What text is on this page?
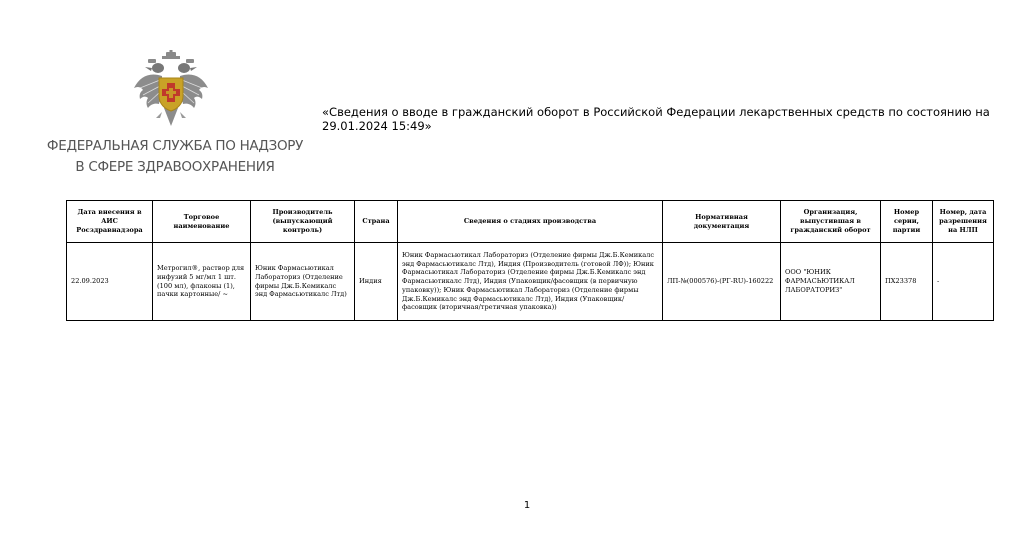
ФЕДЕРАЛЬНАЯ СЛУЖБА ПО НАДЗОРУ
В СФЕРЕ ЗДРАВООХРАНЕНИЯ
«Сведения о вводе в гражданский оборот в Российской Федерации лекарственных средств по состоянию на 29.01.2024 15:49»
Дата внесения в АИС Росздравнадзора	Торговое наименование	Производитель (выпускающий контроль)	Страна	Сведения о стадиях производства	Нормативная документация	Организация, выпустившая в гражданский оборот	Номер серии, партии	Номер, дата разрешения на НЛП
22.09.2023	Метрогил®, раствор для инфузий 5 мг/мл 1 шт. (100 мл), флаконы (1), пачки картонные/ ~	Юник Фармасьютикал Лабораториз (Отделение фирмы Дж.Б.Кемикалс энд Фармасьютикалс Лтд)	Индия	Юник Фармасьютикал Лабораториз (Отделение фирмы Дж.Б.Кемикалс энд Фармасьютикалс Лтд), Индия (Производитель (готовой ЛФ)); Юник Фармасьютикал Лабораториз (Отделение фирмы Дж.Б.Кемикалс энд Фармасьютикалс Лтд), Индия (Упаковщик/фасовщик (в первичную упаковку)); Юник Фармасьютикал Лабораториз (Отделение фирмы Дж.Б.Кемикалс энд Фармасьютикалс Лтд), Индия (Упаковщик/фасовщик (вторичная/третичная упаковка))	ЛП-№(000576)-(РГ-RU)-160222	ООО "ЮНИК ФАРМАСЬЮТИКАЛ ЛАБОРАТОРИЗ"	ПХ23378	-
1
